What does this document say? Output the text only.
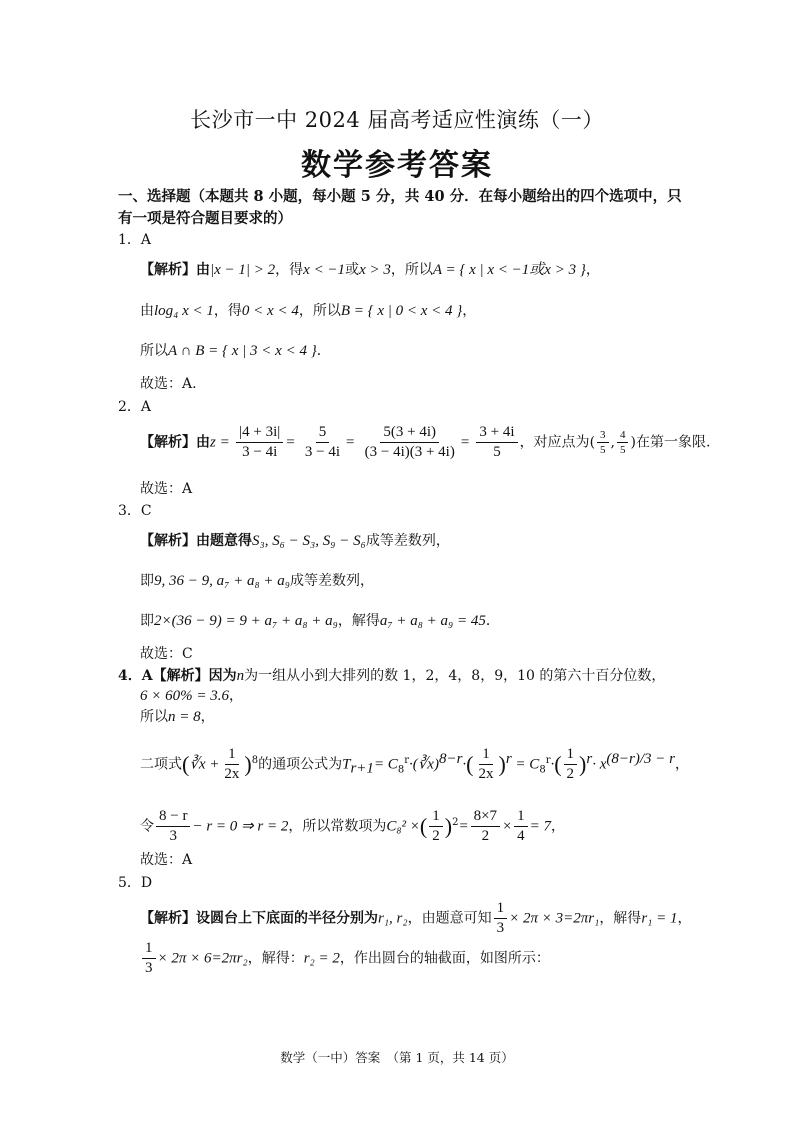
长沙市一中 2024 届高考适应性演练（一）
数学参考答案
一、选择题（本题共 8 小题，每小题 5 分，共 40 分．在每小题给出的四个选项中，只有一项是符合题目要求的）
1．A
【解析】由|x − 1| > 2，得x < −1或x > 3，所以A = { x | x < −1或x > 3 }，
由log₄ x < 1，得0 < x < 4，所以B = { x | 0 < x < 4 }，
所以A ∩ B = { x | 3 < x < 4 }．
故选：A.
2．A
【解析】由$z = \frac{|4 + 3i|}{3 - 4i} = \frac{5}{3 - 4i} = \frac{5(3 + 4i)}{(3 - 4i)(3 + 4i)} = \frac{3 + 4i}{5}$ ，对应点为( $\frac{3}{5}$ , $\frac{4}{5}$ )在第一象限.
故选：A
3．C
【解析】由题意得S₃, S₆ − S₃, S₉ − S₆成等差数列，
即9, 36 − 9, a₇ + a₈ + a₉成等差数列，
即2×(36 − 9) = 9 + a₇ + a₈ + a₉，解得a₇ + a₈ + a₉ = 45．
故选：C
4．A【解析】因为n为一组从小到大排列的数 1，2，4，8，9，10 的第六十百分位数，
6 × 60% = 3.6，
所以n = 8，
二项式(∛x + $\frac{1}{2x} )^8$的通项公式为$T_{r+1}=$ $C_8^r\cdot(∛x)^{8-r}\cdot( \frac{1}{2x} )^r = C_8^r\cdot( \frac{1}{2} )^r\cdot x^{(8-r)/3 - r}$，
令 $\frac{8 - r}{3} - r = 0$ ⇒ r = 2，所以常数项为C₈² ×( $\frac{1}{2} )^2= \frac{8\times 7}{2} \times \frac{1}{4} = 7$，
故选：A
5．D
【解析】设圆台上下底面的半径分别为r₁, r₂，由题意可知 $\frac{1}{3} \times 2\pi \times 3=2\pi r_1$，解得r₁ = 1，
$\frac{1}{3} \times 2\pi \times 6=2\pi r_2$，解得：r₂ = 2，作出圆台的轴截面，如图所示：
数学（一中）答案　（第 1 页，共 14 页）
